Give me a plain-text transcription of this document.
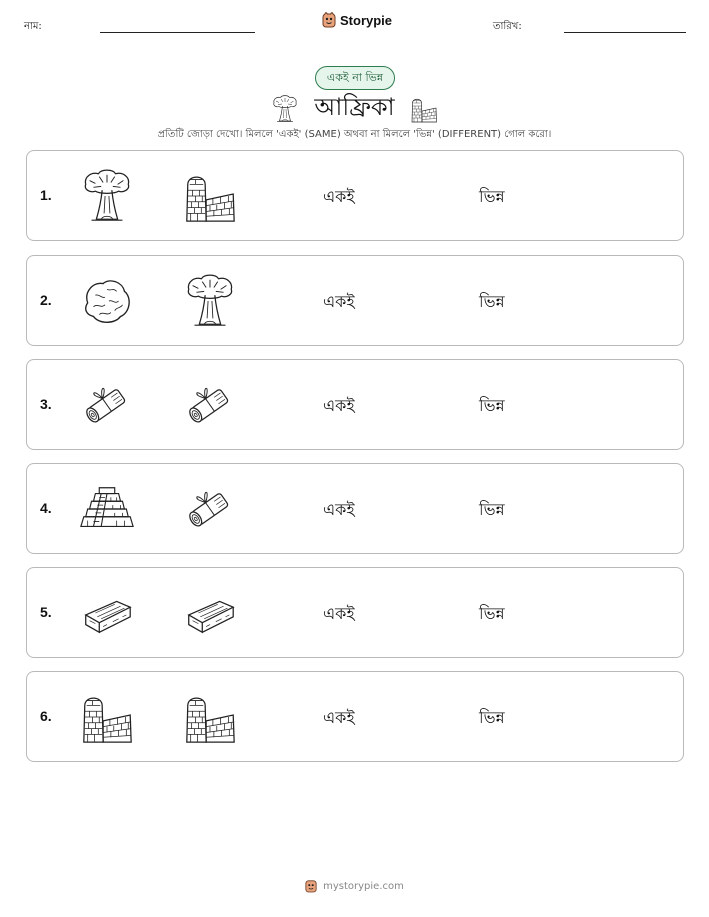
নাম:	Storypie	তারিখ:
একই না ভিন্ন
আফ্রিকা
প্রতিটি জোড়া দেখো। মিললে 'একই' (SAME) অথবা না মিললে 'ভিন্ন' (DIFFERENT) গোল করো।
1.	একই	ভিন্ন
2.	একই	ভিন্ন
3.	একই	ভিন্ন
4.	একই	ভিন্ন
5.	একই	ভিন্ন
6.	একই	ভিন্ন
mystorypie.com
